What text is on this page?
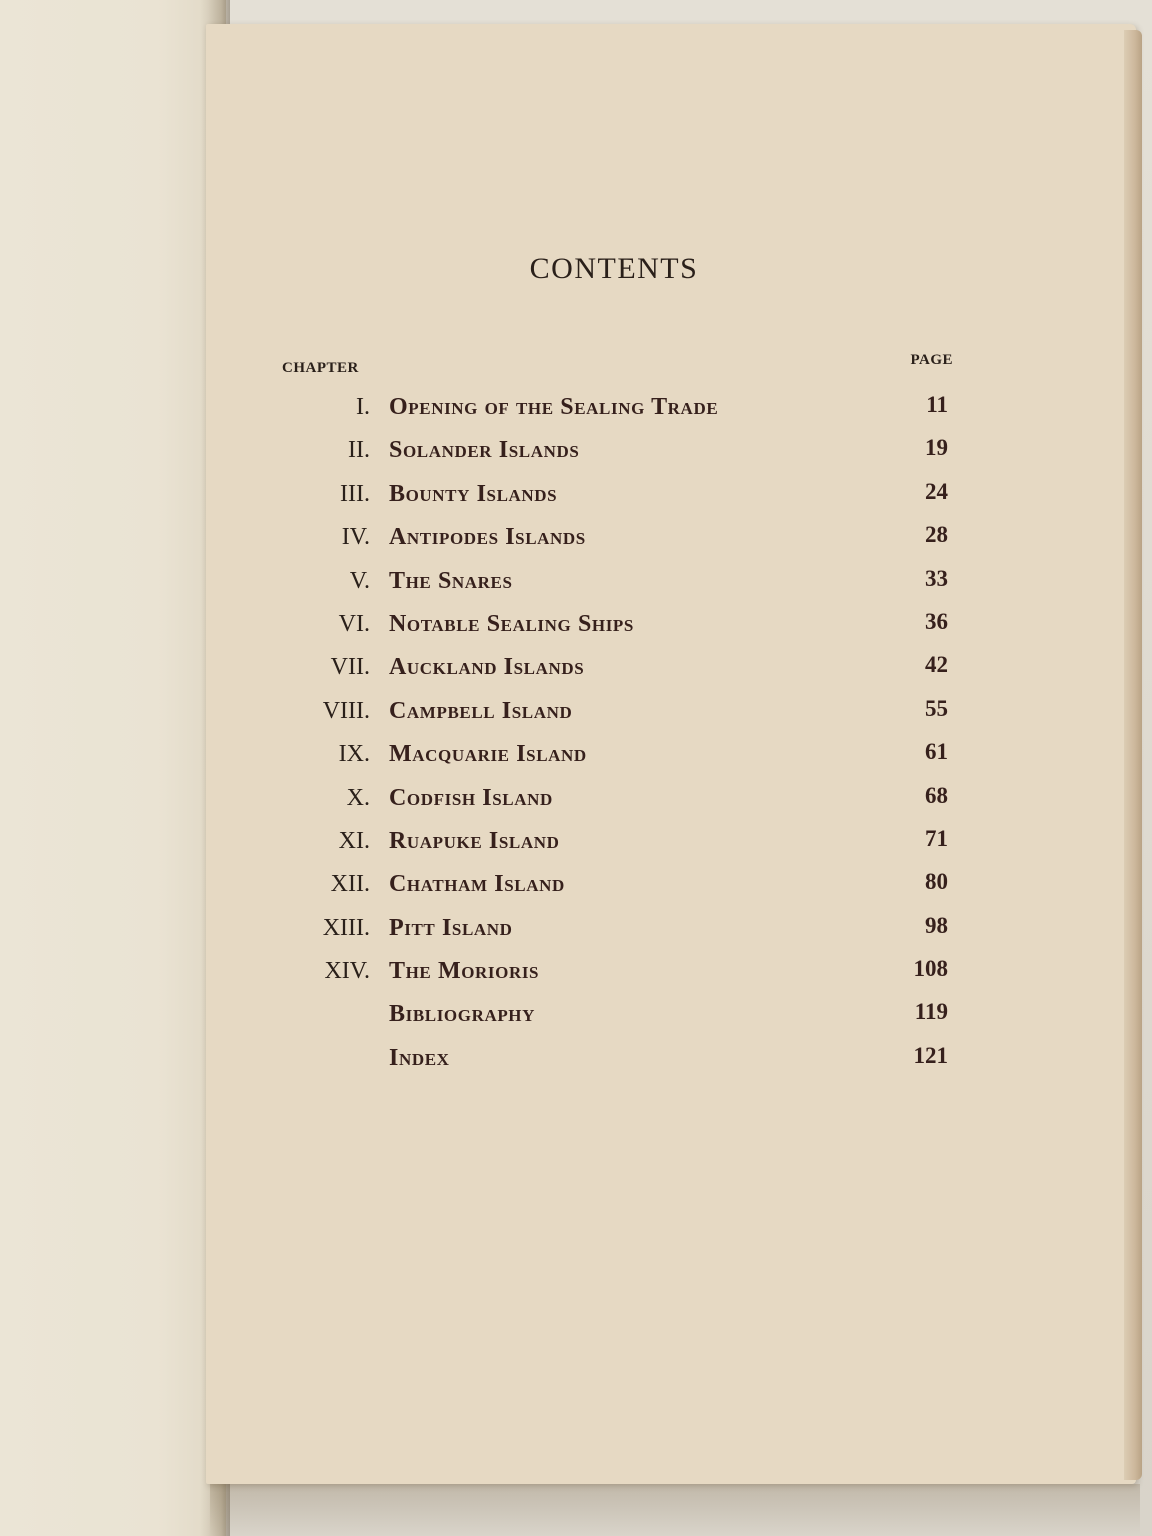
CONTENTS
CHAPTER	PAGE
I. Opening of the Sealing Trade	11
II. Solander Islands	19
III. Bounty Islands	24
IV. Antipodes Islands	28
V. The Snares	33
VI. Notable Sealing Ships	36
VII. Auckland Islands	42
VIII. Campbell Island	55
IX. Macquarie Island	61
X. Codfish Island	68
XI. Ruapuke Island	71
XII. Chatham Island	80
XIII. Pitt Island	98
XIV. The Morioris	108
Bibliography	119
Index	121
